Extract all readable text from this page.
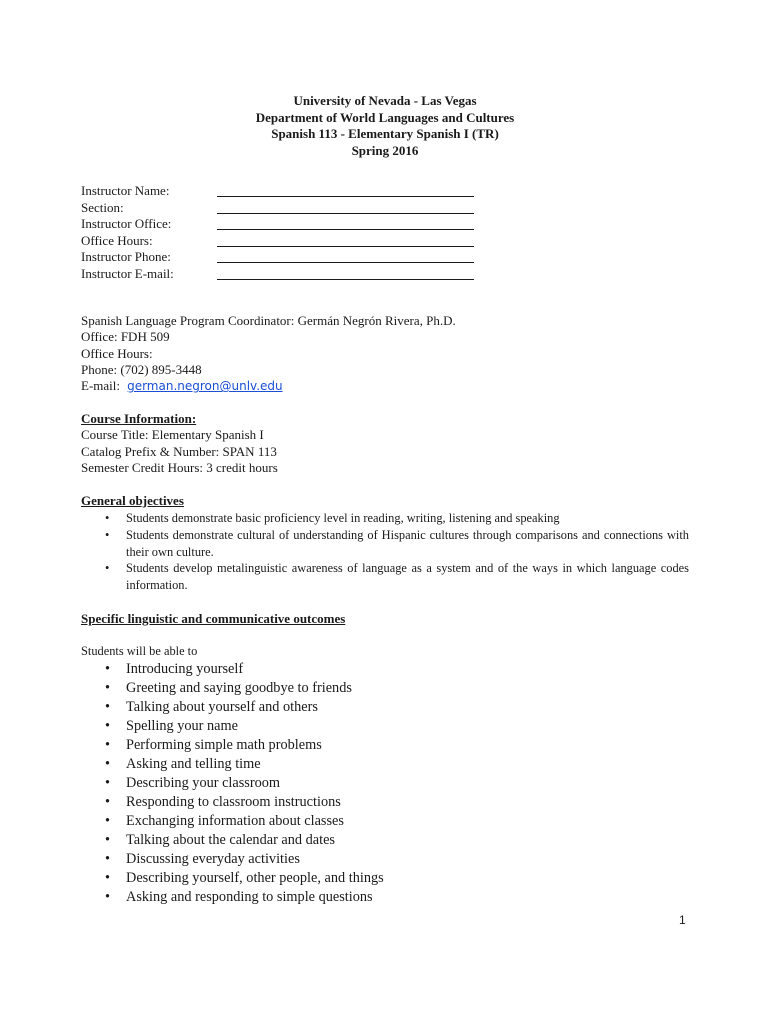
University of Nevada - Las Vegas
Department of World Languages and Cultures
Spanish 113 - Elementary Spanish I (TR)
Spring 2016
Instructor Name:
Section:
Instructor Office:
Office Hours:
Instructor Phone:
Instructor E-mail:
Spanish Language Program Coordinator: Germán Negrón Rivera, Ph.D.
Office: FDH 509
Office Hours:
Phone: (702) 895-3448
E-mail: german.negron@unlv.edu
Course Information:
Course Title: Elementary Spanish I
Catalog Prefix & Number: SPAN 113
Semester Credit Hours: 3 credit hours
General objectives
• Students demonstrate basic proficiency level in reading, writing, listening and speaking
• Students demonstrate cultural of understanding of Hispanic cultures through comparisons and connections with their own culture.
• Students develop metalinguistic awareness of language as a system and of the ways in which language codes information.
Specific linguistic and communicative outcomes
Students will be able to
• Introducing yourself
• Greeting and saying goodbye to friends
• Talking about yourself and others
• Spelling your name
• Performing simple math problems
• Asking and telling time
• Describing your classroom
• Responding to classroom instructions
• Exchanging information about classes
• Talking about the calendar and dates
• Discussing everyday activities
• Describing yourself, other people, and things
• Asking and responding to simple questions
1
